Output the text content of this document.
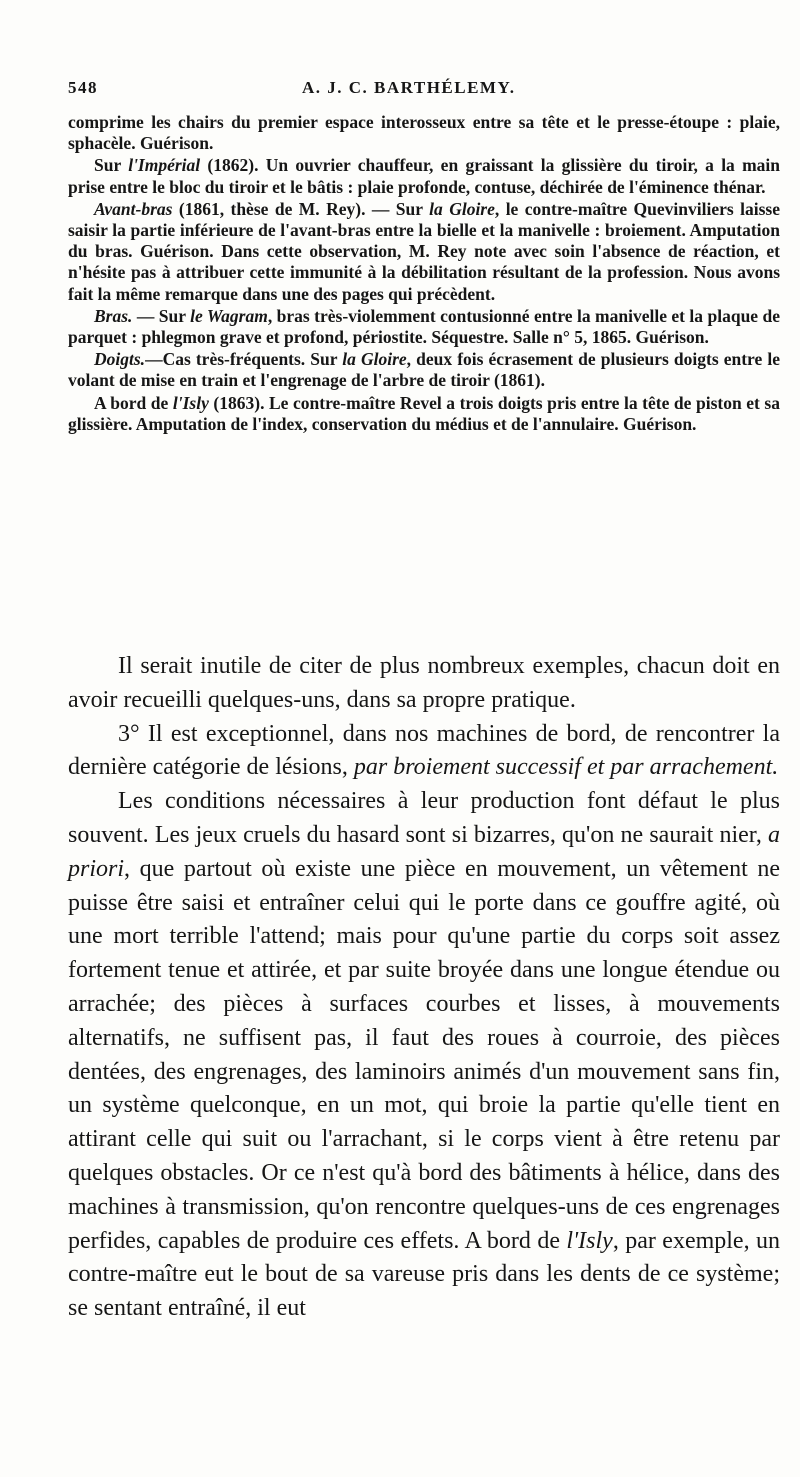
548	A. J. C. BARTHÉLEMY.

comprime les chairs du premier espace interosseux entre sa tête et le presse-étoupe : plaie, sphacèle. Guérison.

Sur l'Impérial (1862). Un ouvrier chauffeur, en graissant la glissière du tiroir, a la main prise entre le bloc du tiroir et le bâtis : plaie profonde, contuse, déchirée de l'éminence thénar.

Avant-bras (1861, thèse de M. Rey). — Sur la Gloire, le contre-maître Quevinviliers laisse saisir la partie inférieure de l'avant-bras entre la bielle et la manivelle : broiement. Amputation du bras. Guérison. Dans cette observation, M. Rey note avec soin l'absence de réaction, et n'hésite pas à attribuer cette immunité à la débilitation résultant de la profession. Nous avons fait la même remarque dans une des pages qui précèdent.

Bras. — Sur le Wagram, bras très-violemment contusionné entre la manivelle et la plaque de parquet : phlegmon grave et profond, périostite. Séquestre. Salle n° 5, 1865. Guérison.

Doigts.—Cas très-fréquents. Sur la Gloire, deux fois écrasement de plusieurs doigts entre le volant de mise en train et l'engrenage de l'arbre de tiroir (1861).

A bord de l'Isly (1863). Le contre-maître Revel a trois doigts pris entre la tête de piston et sa glissière. Amputation de l'index, conservation du médius et de l'annulaire. Guérison.

Il serait inutile de citer de plus nombreux exemples, chacun doit en avoir recueilli quelques-uns, dans sa propre pratique.

3° Il est exceptionnel, dans nos machines de bord, de rencontrer la dernière catégorie de lésions, par broiement successif et par arrachement.

Les conditions nécessaires à leur production font défaut le plus souvent. Les jeux cruels du hasard sont si bizarres, qu'on ne saurait nier, a priori, que partout où existe une pièce en mouvement, un vêtement ne puisse être saisi et entraîner celui qui le porte dans ce gouffre agité, où une mort terrible l'attend; mais pour qu'une partie du corps soit assez fortement tenue et attirée, et par suite broyée dans une longue étendue ou arrachée; des pièces à surfaces courbes et lisses, à mouvements alternatifs, ne suffisent pas, il faut des roues à courroie, des pièces dentées, des engrenages, des laminoirs animés d'un mouvement sans fin, un système quelconque, en un mot, qui broie la partie qu'elle tient en attirant celle qui suit ou l'arrachant, si le corps vient à être retenu par quelques obstacles. Or ce n'est qu'à bord des bâtiments à hélice, dans des machines à transmission, qu'on rencontre quelques-uns de ces engrenages perfides, capables de produire ces effets. A bord de l'Isly, par exemple, un contre-maître eut le bout de sa vareuse pris dans les dents de ce système; se sentant entraîné, il eut
